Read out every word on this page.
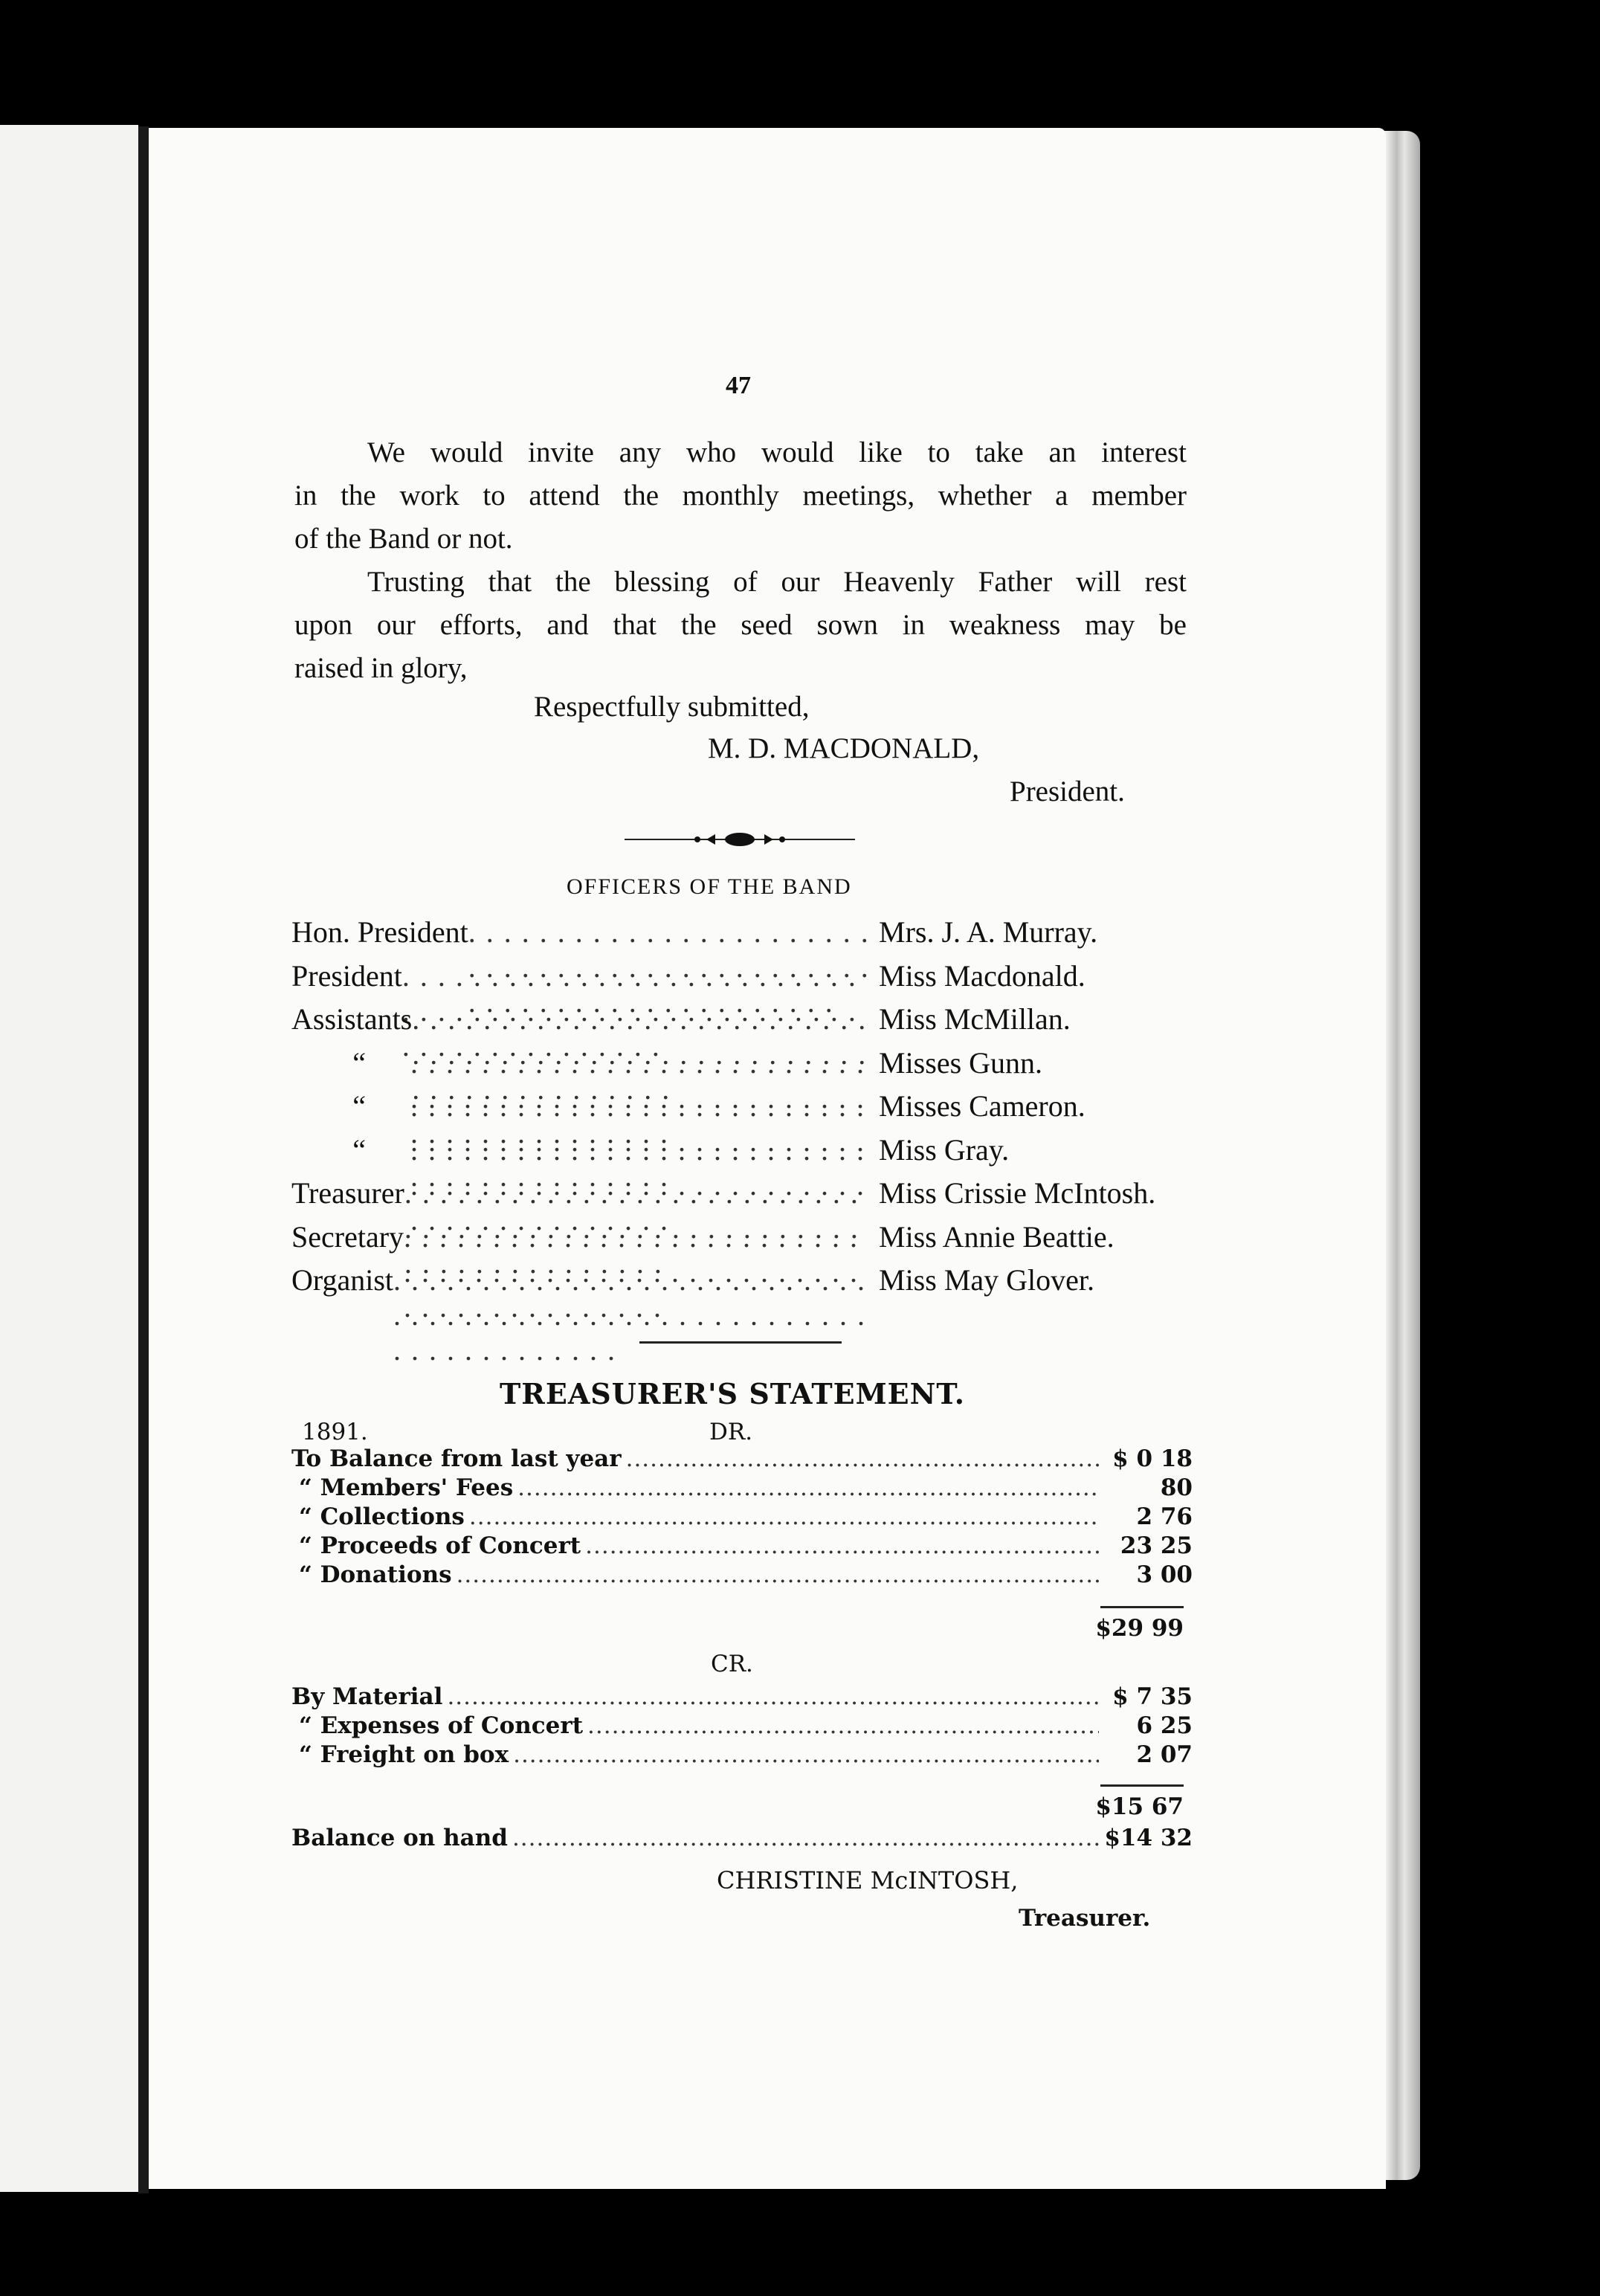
47
We would invite any who would like to take an interest
in the work to attend the monthly meetings, whether a member
of the Band or not.
Trusting that the blessing of our Heavenly Father will rest
upon our efforts, and that the seed sown in weakness may be
raised in glory,
Respectfully submitted,
M. D. MACDONALD,
President.
OFFICERS OF THE BAND
Hon. President . . .	Mrs. J. A. Murray.
President . . .	Miss Macdonald.
Assistants . . .	Miss McMillan.
“ . . .	Misses Gunn.
“ . . .	Misses Cameron.
“ . . .	Miss Gray.
Treasurer . . .	Miss Crissie McIntosh.
Secretary . . .	Miss Annie Beattie.
Organist . . .	Miss May Glover.
TREASURER'S STATEMENT.
1891.	DR.
To Balance from last year .....	$ 0 18
“ Members' Fees .....	80
“ Collections .....	2 76
“ Proceeds of Concert .....	23 25
“ Donations .....	3 00
$29 99
CR.
By Material .....	$ 7 35
“ Expenses of Concert .....	6 25
“ Freight on box .....	2 07
$15 67
Balance on hand .....	$14 32
CHRISTINE McINTOSH,
Treasurer.
